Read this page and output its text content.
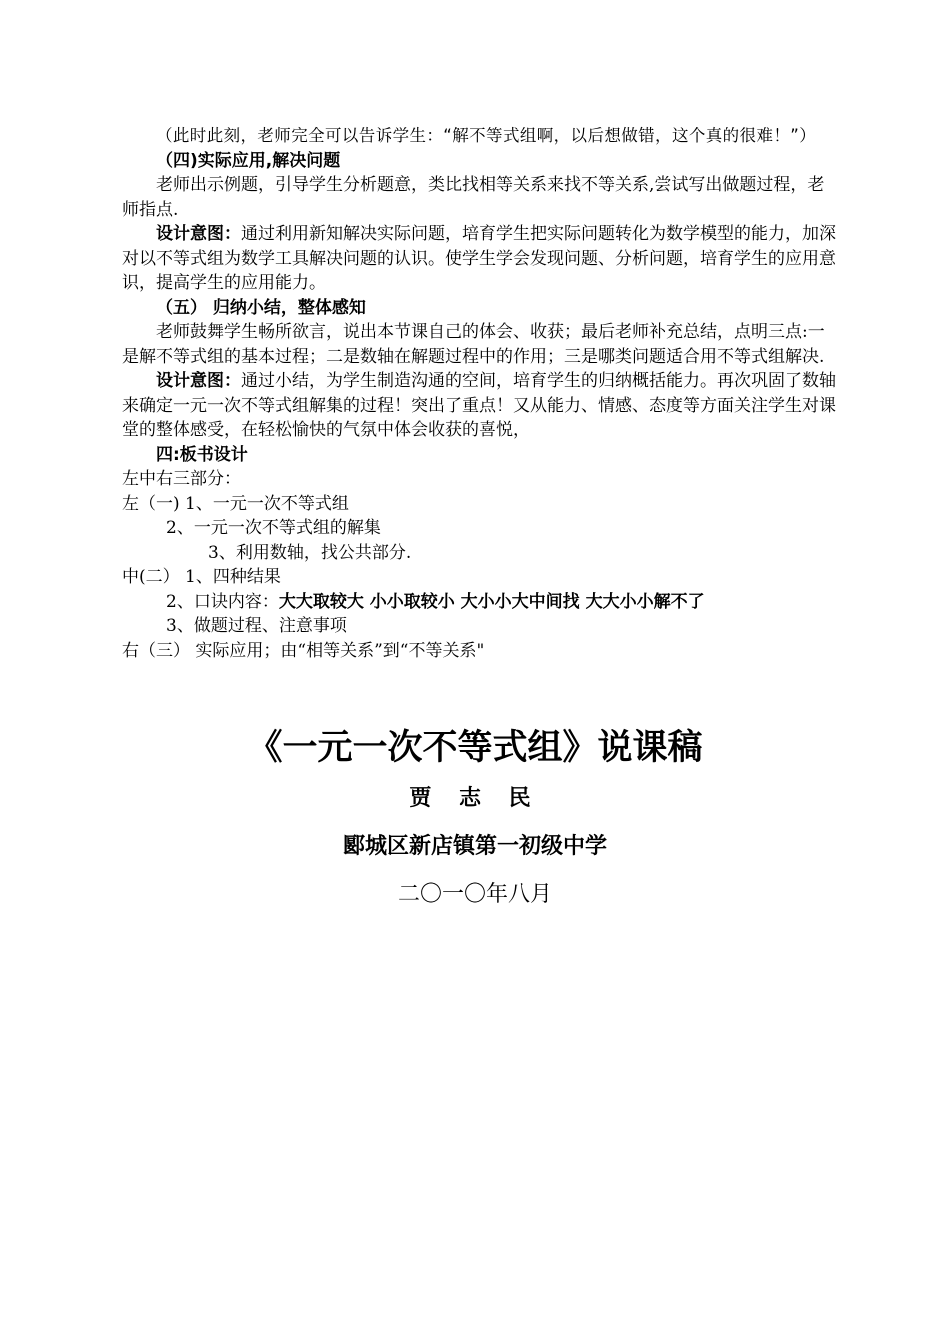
（此时此刻，老师完全可以告诉学生：“解不等式组啊，以后想做错，这个真的很难！”）

（四)实际应用,解决问题

老师出示例题，引导学生分析题意，类比找相等关系来找不等关系,尝试写出做题过程，老师指点.

设计意图：通过利用新知解决实际问题，培育学生把实际问题转化为数学模型的能力，加深对以不等式组为数学工具解决问题的认识。使学生学会发现问题、分析问题，培育学生的应用意识，提高学生的应用能力。

（五） 归纳小结，整体感知

老师鼓舞学生畅所欲言，说出本节课自己的体会、收获；最后老师补充总结，点明三点:一是解不等式组的基本过程；二是数轴在解题过程中的作用；三是哪类问题适合用不等式组解决.

设计意图：通过小结，为学生制造沟通的空间，培育学生的归纳概括能力。再次巩固了数轴来确定一元一次不等式组解集的过程！突出了重点！又从能力、情感、态度等方面关注学生对课堂的整体感受，在轻松愉快的气氛中体会收获的喜悦，

四:板书设计

左中右三部分：

左（一) 1、一元一次不等式组

2、一元一次不等式组的解集

3、利用数轴，找公共部分.

中(二） 1、四种结果

2、口诀内容：大大取较大 小小取较小 大小小大中间找 大大小小解不了

3、做题过程、注意事项

右（三） 实际应用；由“相等关系”到“不等关系"

《一元一次不等式组》说课稿
贾 志 民
郾城区新店镇第一初级中学
二〇一〇年八月
